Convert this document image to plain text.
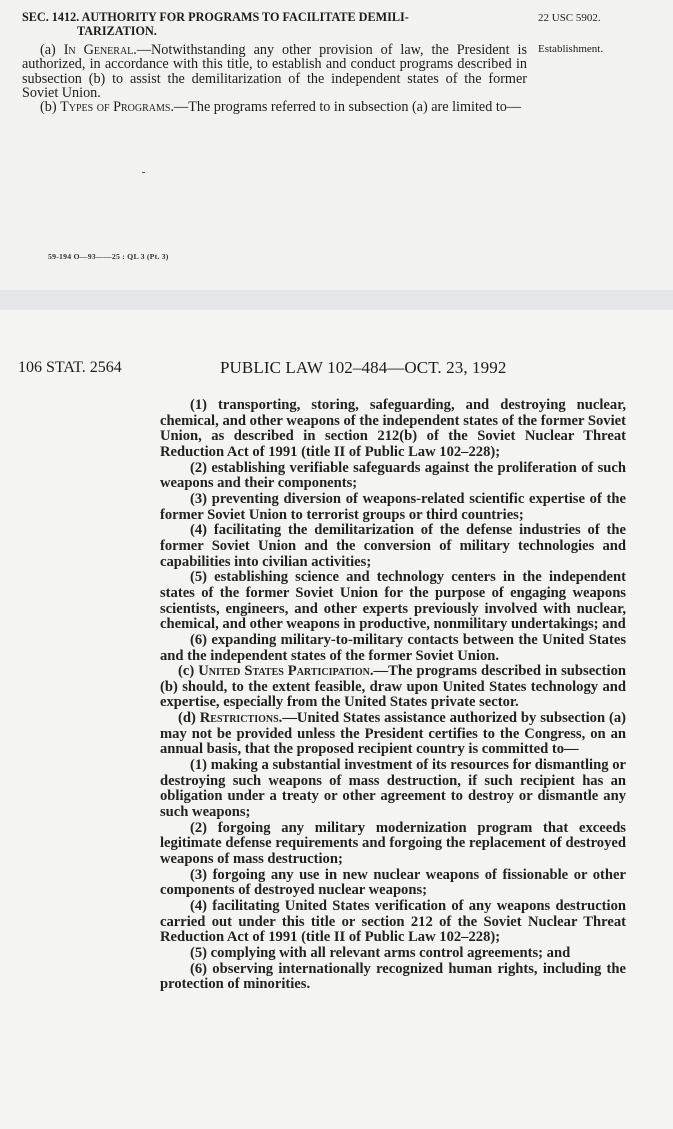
SEC. 1412. AUTHORITY FOR PROGRAMS TO FACILITATE DEMILI-
TARIZATION.
22 USC 5902.
Establishment.

(a) In General.—Notwithstanding any other provision of law, the President is authorized, in accordance with this title, to establish and conduct programs described in subsection (b) to assist the demilitarization of the independent states of the former Soviet Union.

(b) Types of Programs.—The programs referred to in subsection (a) are limited to—

59-194 O—93——25 : QL 3 (Pt. 3)
106 STAT. 2564	PUBLIC LAW 102–484—OCT. 23, 1992

(1) transporting, storing, safeguarding, and destroying nuclear, chemical, and other weapons of the independent states of the former Soviet Union, as described in section 212(b) of the Soviet Nuclear Threat Reduction Act of 1991 (title II of Public Law 102–228);

(2) establishing verifiable safeguards against the proliferation of such weapons and their components;

(3) preventing diversion of weapons-related scientific expertise of the former Soviet Union to terrorist groups or third countries;

(4) facilitating the demilitarization of the defense industries of the former Soviet Union and the conversion of military technologies and capabilities into civilian activities;

(5) establishing science and technology centers in the independent states of the former Soviet Union for the purpose of engaging weapons scientists, engineers, and other experts previously involved with nuclear, chemical, and other weapons in productive, nonmilitary undertakings; and

(6) expanding military-to-military contacts between the United States and the independent states of the former Soviet Union.

(c) United States Participation.—The programs described in subsection (b) should, to the extent feasible, draw upon United States technology and expertise, especially from the United States private sector.

(d) Restrictions.—United States assistance authorized by subsection (a) may not be provided unless the President certifies to the Congress, on an annual basis, that the proposed recipient country is committed to—

(1) making a substantial investment of its resources for dismantling or destroying such weapons of mass destruction, if such recipient has an obligation under a treaty or other agreement to destroy or dismantle any such weapons;

(2) forgoing any military modernization program that exceeds legitimate defense requirements and forgoing the replacement of destroyed weapons of mass destruction;

(3) forgoing any use in new nuclear weapons of fissionable or other components of destroyed nuclear weapons;

(4) facilitating United States verification of any weapons destruction carried out under this title or section 212 of the Soviet Nuclear Threat Reduction Act of 1991 (title II of Public Law 102–228);

(5) complying with all relevant arms control agreements; and

(6) observing internationally recognized human rights, including the protection of minorities.
